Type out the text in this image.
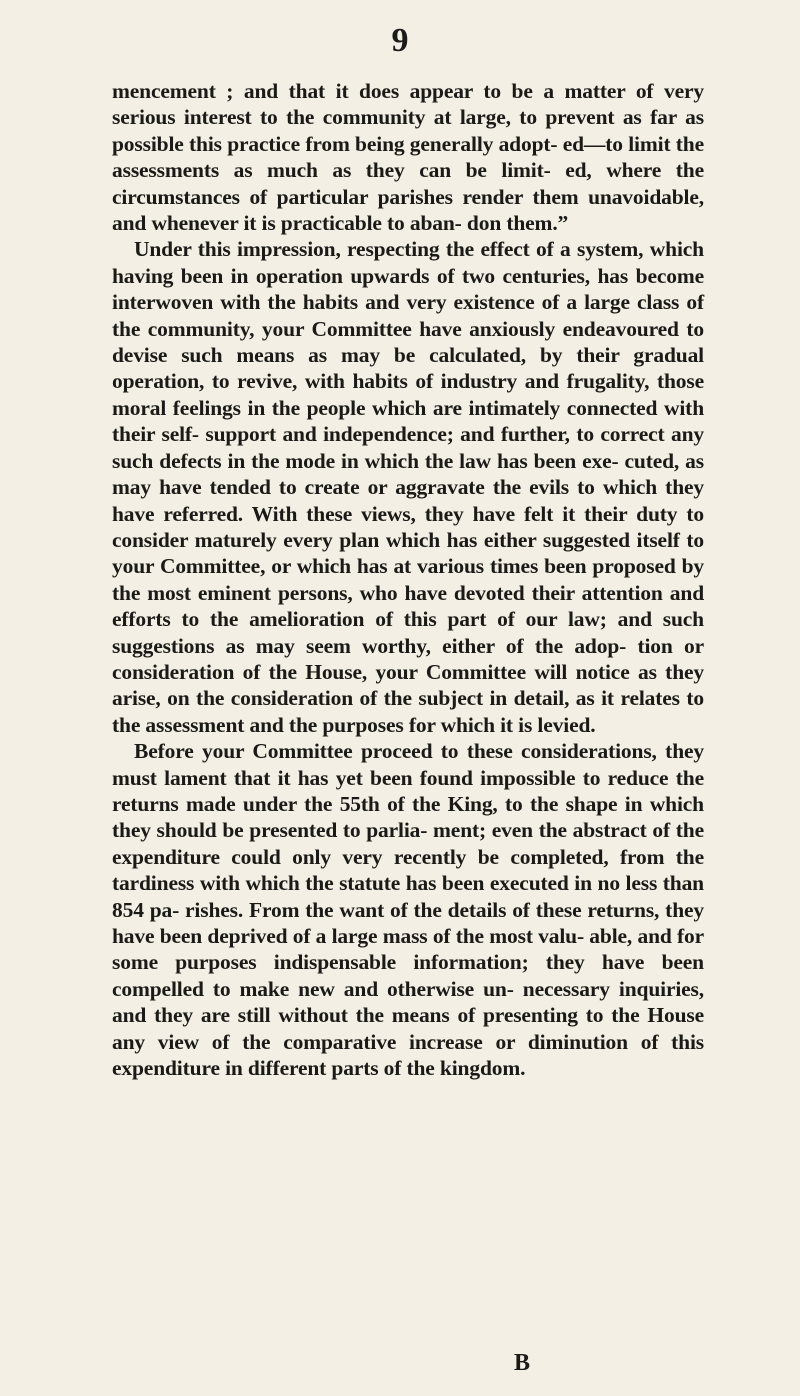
9

mencement ; and that it does appear to be a matter of very serious interest to the community at large, to prevent as far as possible this practice from being generally adopt- ed—to limit the assessments as much as they can be limit- ed, where the circumstances of particular parishes render them unavoidable, and whenever it is practicable to aban- don them.”

Under this impression, respecting the effect of a system, which having been in operation upwards of two centuries, has become interwoven with the habits and very existence of a large class of the community, your Committee have anxiously endeavoured to devise such means as may be calculated, by their gradual operation, to revive, with habits of industry and frugality, those moral feelings in the people which are intimately connected with their self- support and independence; and further, to correct any such defects in the mode in which the law has been exe- cuted, as may have tended to create or aggravate the evils to which they have referred. With these views, they have felt it their duty to consider maturely every plan which has either suggested itself to your Committee, or which has at various times been proposed by the most eminent persons, who have devoted their attention and efforts to the amelioration of this part of our law; and such suggestions as may seem worthy, either of the adop- tion or consideration of the House, your Committee will notice as they arise, on the consideration of the subject in detail, as it relates to the assessment and the purposes for which it is levied.

Before your Committee proceed to these considerations, they must lament that it has yet been found impossible to reduce the returns made under the 55th of the King, to the shape in which they should be presented to parlia- ment; even the abstract of the expenditure could only very recently be completed, from the tardiness with which the statute has been executed in no less than 854 pa- rishes. From the want of the details of these returns, they have been deprived of a large mass of the most valu- able, and for some purposes indispensable information; they have been compelled to make new and otherwise un- necessary inquiries, and they are still without the means of presenting to the House any view of the comparative increase or diminution of this expenditure in different parts of the kingdom.

B
